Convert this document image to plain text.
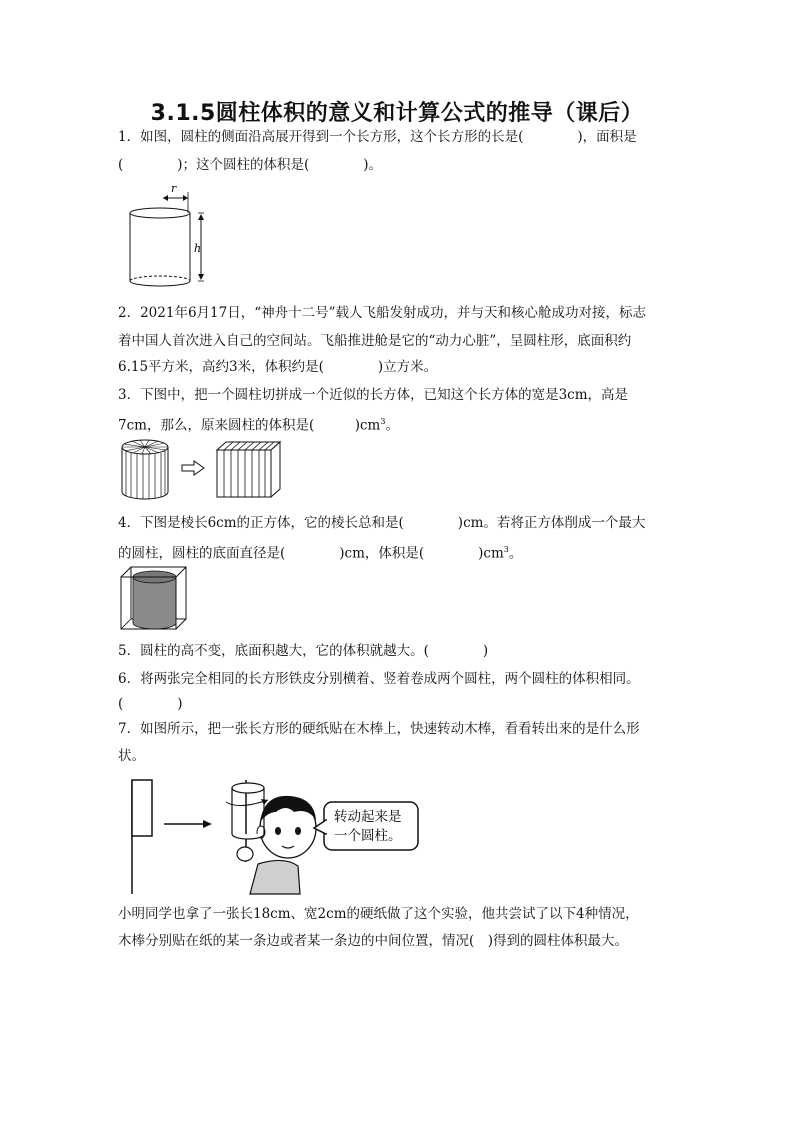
3.1.5圆柱体积的意义和计算公式的推导（课后）
1．如图，圆柱的侧面沿高展开得到一个长方形，这个长方形的长是(　　　　)，面积是
(　　　　)；这个圆柱的体积是(　　　　)。
r
h
2．2021年6月17日，“神舟十二号”载人飞船发射成功，并与天和核心舱成功对接，标志
着中国人首次进入自己的空间站。飞船推进舱是它的“动力心脏”，呈圆柱形，底面积约
6.15平方米，高约3米，体积约是(　　　　)立方米。
3．下图中，把一个圆柱切拼成一个近似的长方体，已知这个长方体的宽是3cm，高是
7cm，那么，原来圆柱的体积是(　　　)$cm^3$。
4．下图是棱长6cm的正方体，它的棱长总和是(　　　　)cm。若将正方体削成一个最大
的圆柱，圆柱的底面直径是(　　　　)cm，体积是(　　　　)$cm^3$。
5．圆柱的高不变，底面积越大，它的体积就越大。(　　　　)
6．将两张完全相同的长方形铁皮分别横着、竖着卷成两个圆柱，两个圆柱的体积相同。
(　　　　)
7．如图所示，把一张长方形的硬纸贴在木棒上，快速转动木棒，看看转出来的是什么形
状。
转动起来是
一个圆柱。
小明同学也拿了一张长18cm、宽2cm的硬纸做了这个实验，他共尝试了以下4种情况，
木棒分别贴在纸的某一条边或者某一条边的中间位置，情况(　)得到的圆柱体积最大。
